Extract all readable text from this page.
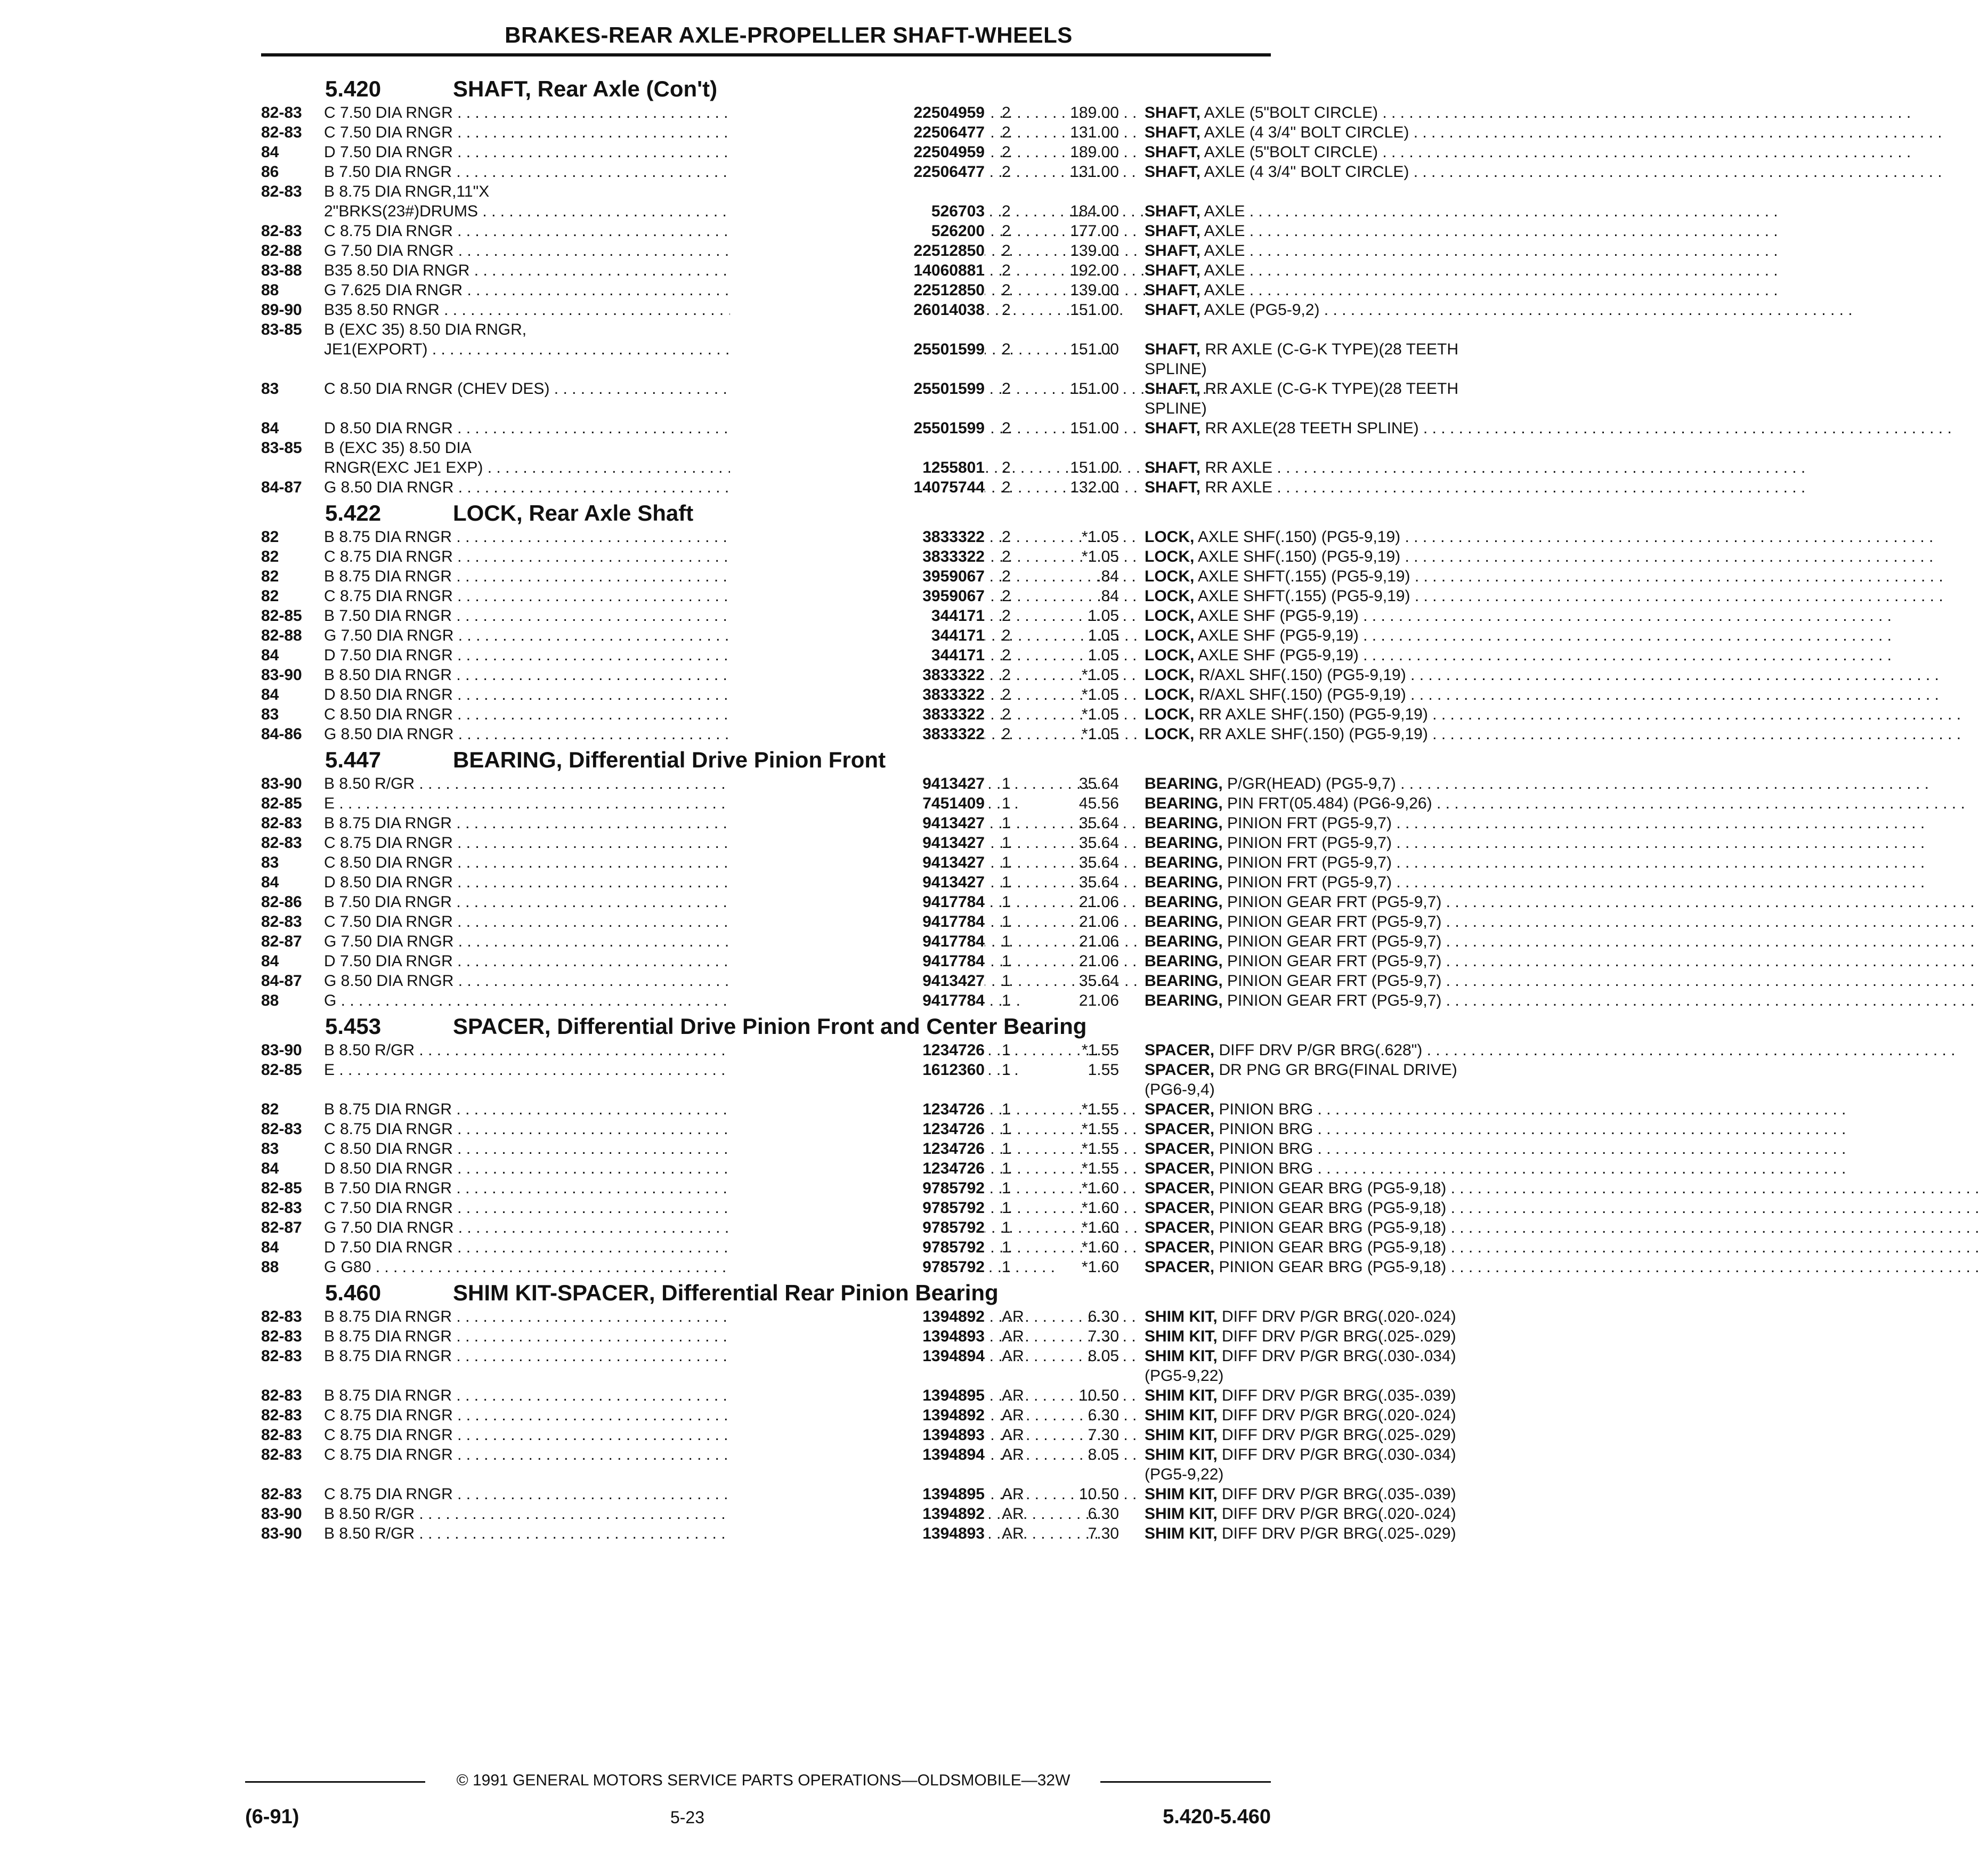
BRAKES-REAR AXLE-PROPELLER SHAFT-WHEELS
5.420	SHAFT, Rear Axle (Con't)
82-83	C 7.50 DIA RNGR . . .	22504959 2	189.00 SHAFT, AXLE (5"BOLT CIRCLE) . . .
82-83	C 7.50 DIA RNGR . . .	22506477 2	131.00 SHAFT, AXLE (4 3/4" BOLT CIRCLE) . . .
84	D 7.50 DIA RNGR . . .	22504959 2	189.00 SHAFT, AXLE (5"BOLT CIRCLE) . . .
86	B 7.50 DIA RNGR . . .	22506477 2	131.00 SHAFT, AXLE (4 3/4" BOLT CIRCLE) . . .
82-83	B 8.75 DIA RNGR,11"X
2"BRKS(23#)DRUMS . . .	526703 2	184.00 SHAFT, AXLE . . .
82-83	C 8.75 DIA RNGR . . .	526200 2	177.00 SHAFT, AXLE . . .
82-88	G 7.50 DIA RNGR . . .	22512850 2	139.00 SHAFT, AXLE . . .
83-88	B35 8.50 DIA RNGR . . .	14060881 2	192.00 SHAFT, AXLE . . .
88	G 7.625 DIA RNGR . . .	22512850 2	139.00 SHAFT, AXLE . . .
89-90	B35 8.50 RNGR . . .	26014038 2	151.00 SHAFT, AXLE (PG5-9,2) . . .
83-85	B (EXC 35) 8.50 DIA RNGR,
JE1(EXPORT) . . .	25501599 2	151.00 SHAFT, RR AXLE (C-G-K TYPE)(28 TEETH
SPLINE)
83	C 8.50 DIA RNGR (CHEV DES) . . .	25501599 2	151.00 SHAFT, RR AXLE (C-G-K TYPE)(28 TEETH
SPLINE)
84	D 8.50 DIA RNGR . . .	25501599 2	151.00 SHAFT, RR AXLE(28 TEETH SPLINE) . . .
83-85	B (EXC 35) 8.50 DIA
RNGR(EXC JE1 EXP) . . .	1255801 2	151.00 SHAFT, RR AXLE . . .
84-87	G 8.50 DIA RNGR . . .	14075744 2	132.00 SHAFT, RR AXLE . . .
5.422	LOCK, Rear Axle Shaft
82	B 8.75 DIA RNGR . . .	3833322 2	*1.05 LOCK, AXLE SHF(.150) (PG5-9,19) . . .
82	C 8.75 DIA RNGR . . .	3833322 2	*1.05 LOCK, AXLE SHF(.150) (PG5-9,19) . . .
82	B 8.75 DIA RNGR . . .	3959067 2	.84 LOCK, AXLE SHFT(.155) (PG5-9,19) . . .
82	C 8.75 DIA RNGR . . .	3959067 2	.84 LOCK, AXLE SHFT(.155) (PG5-9,19) . . .
82-85	B 7.50 DIA RNGR . . .	344171 2	1.05 LOCK, AXLE SHF (PG5-9,19) . . .
82-88	G 7.50 DIA RNGR . . .	344171 2	1.05 LOCK, AXLE SHF (PG5-9,19) . . .
84	D 7.50 DIA RNGR . . .	344171 2	1.05 LOCK, AXLE SHF (PG5-9,19) . . .
83-90	B 8.50 DIA RNGR . . .	3833322 2	*1.05 LOCK, R/AXL SHF(.150) (PG5-9,19) . . .
84	D 8.50 DIA RNGR . . .	3833322 2	*1.05 LOCK, R/AXL SHF(.150) (PG5-9,19) . . .
83	C 8.50 DIA RNGR . . .	3833322 2	*1.05 LOCK, RR AXLE SHF(.150) (PG5-9,19) . . .
84-86	G 8.50 DIA RNGR . . .	3833322 2	*1.05 LOCK, RR AXLE SHF(.150) (PG5-9,19) . . .
5.447	BEARING, Differential Drive Pinion Front
83-90	B 8.50 R/GR . . .	9413427 1	35.64 BEARING, P/GR(HEAD) (PG5-9,7) . . .
82-85	E . . .	7451409 1	45.56 BEARING, PIN FRT(05.484) (PG6-9,26) . . .
82-83	B 8.75 DIA RNGR . . .	9413427 1	35.64 BEARING, PINION FRT (PG5-9,7) . . .
82-83	C 8.75 DIA RNGR . . .	9413427 1	35.64 BEARING, PINION FRT (PG5-9,7) . . .
83	C 8.50 DIA RNGR . . .	9413427 1	35.64 BEARING, PINION FRT (PG5-9,7) . . .
84	D 8.50 DIA RNGR . . .	9413427 1	35.64 BEARING, PINION FRT (PG5-9,7) . . .
82-86	B 7.50 DIA RNGR . . .	9417784 1	21.06 BEARING, PINION GEAR FRT (PG5-9,7) . . .
82-83	C 7.50 DIA RNGR . . .	9417784 1	21.06 BEARING, PINION GEAR FRT (PG5-9,7) . . .
82-87	G 7.50 DIA RNGR . . .	9417784 1	21.06 BEARING, PINION GEAR FRT (PG5-9,7) . . .
84	D 7.50 DIA RNGR . . .	9417784 1	21.06 BEARING, PINION GEAR FRT (PG5-9,7) . . .
84-87	G 8.50 DIA RNGR . . .	9413427 1	35.64 BEARING, PINION GEAR FRT (PG5-9,7) . . .
88	G . . .	9417784 1	21.06 BEARING, PINION GEAR FRT (PG5-9,7) . . .
5.453	SPACER, Differential Drive Pinion Front and Center Bearing
83-90	B 8.50 R/GR . . .	1234726 1	*1.55 SPACER, DIFF DRV P/GR BRG(.628") . . .
82-85	E . . .	1612360 1	1.55 SPACER, DR PNG GR BRG(FINAL DRIVE)
(PG6-9,4)
82	B 8.75 DIA RNGR . . .	1234726 1	*1.55 SPACER, PINION BRG . . .
82-83	C 8.75 DIA RNGR . . .	1234726 1	*1.55 SPACER, PINION BRG . . .
83	C 8.50 DIA RNGR . . .	1234726 1	*1.55 SPACER, PINION BRG . . .
84	D 8.50 DIA RNGR . . .	1234726 1	*1.55 SPACER, PINION BRG . . .
82-85	B 7.50 DIA RNGR . . .	9785792 1	*1.60 SPACER, PINION GEAR BRG (PG5-9,18) . . .
82-83	C 7.50 DIA RNGR . . .	9785792 1	*1.60 SPACER, PINION GEAR BRG (PG5-9,18) . . .
82-87	G 7.50 DIA RNGR . . .	9785792 1	*1.60 SPACER, PINION GEAR BRG (PG5-9,18) . . .
84	D 7.50 DIA RNGR . . .	9785792 1	*1.60 SPACER, PINION GEAR BRG (PG5-9,18) . . .
88	G G80 . . .	9785792 1	*1.60 SPACER, PINION GEAR BRG (PG5-9,18) . . .
5.460	SHIM KIT-SPACER, Differential Rear Pinion Bearing
82-83	B 8.75 DIA RNGR . . .	1394892 AR	6.30 SHIM KIT, DIFF DRV P/GR BRG(.020-.024)
82-83	B 8.75 DIA RNGR . . .	1394893 AR	7.30 SHIM KIT, DIFF DRV P/GR BRG(.025-.029)
82-83	B 8.75 DIA RNGR . . .	1394894 AR	8.05 SHIM KIT, DIFF DRV P/GR BRG(.030-.034)
(PG5-9,22)
82-83	B 8.75 DIA RNGR . . .	1394895 AR	10.50 SHIM KIT, DIFF DRV P/GR BRG(.035-.039)
82-83	C 8.75 DIA RNGR . . .	1394892 AR	6.30 SHIM KIT, DIFF DRV P/GR BRG(.020-.024)
82-83	C 8.75 DIA RNGR . . .	1394893 AR	7.30 SHIM KIT, DIFF DRV P/GR BRG(.025-.029)
82-83	C 8.75 DIA RNGR . . .	1394894 AR	8.05 SHIM KIT, DIFF DRV P/GR BRG(.030-.034)
(PG5-9,22)
82-83	C 8.75 DIA RNGR . . .	1394895 AR	10.50 SHIM KIT, DIFF DRV P/GR BRG(.035-.039)
83-90	B 8.50 R/GR . . .	1394892 AR	6.30 SHIM KIT, DIFF DRV P/GR BRG(.020-.024)
83-90	B 8.50 R/GR . . .	1394893 AR	7.30 SHIM KIT, DIFF DRV P/GR BRG(.025-.029)
© 1991 GENERAL MOTORS SERVICE PARTS OPERATIONS—OLDSMOBILE—32W
(6-91)	5-23	5.420-5.460
